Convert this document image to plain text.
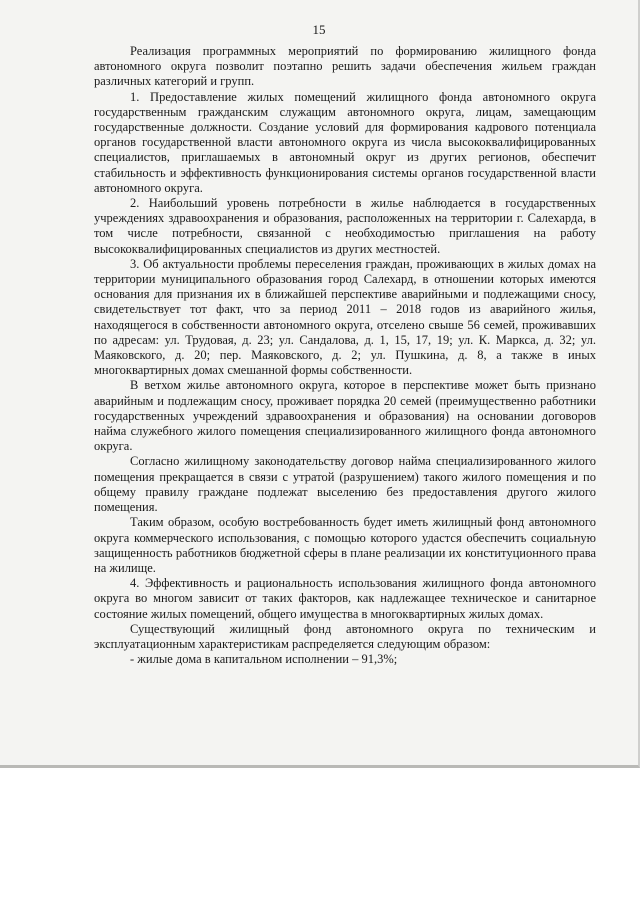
15

Реализация программных мероприятий по формированию жилищного фонда автономного округа позволит поэтапно решить задачи обеспечения жильем граждан различных категорий и групп.

1. Предоставление жилых помещений жилищного фонда автономного округа государственным гражданским служащим автономного округа, лицам, замещающим государственные должности. Создание условий для формирования кадрового потенциала органов государственной власти автономного округа из числа высококвалифицированных специалистов, приглашаемых в автономный округ из других регионов, обеспечит стабильность и эффективность функционирования системы органов государственной власти автономного округа.

2. Наибольший уровень потребности в жилье наблюдается в государственных учреждениях здравоохранения и образования, расположенных на территории г. Салехарда, в том числе потребности, связанной с необходимостью приглашения на работу высококвалифицированных специалистов из других местностей.

3. Об актуальности проблемы переселения граждан, проживающих в жилых домах на территории муниципального образования город Салехард, в отношении которых имеются основания для признания их в ближайшей перспективе аварийными и подлежащими сносу, свидетельствует тот факт, что за период 2011 – 2018 годов из аварийного жилья, находящегося в собственности автономного округа, отселено свыше 56 семей, проживавших по адресам: ул. Трудовая, д. 23; ул. Сандалова, д. 1, 15, 17, 19; ул. К. Маркса, д. 32; ул. Маяковского, д. 20; пер. Маяковского, д. 2; ул. Пушкина, д. 8, а также в иных многоквартирных домах смешанной формы собственности.

В ветхом жилье автономного округа, которое в перспективе может быть признано аварийным и подлежащим сносу, проживает порядка 20 семей (преимущественно работники государственных учреждений здравоохранения и образования) на основании договоров найма служебного жилого помещения специализированного жилищного фонда автономного округа.

Согласно жилищному законодательству договор найма специализированного жилого помещения прекращается в связи с утратой (разрушением) такого жилого помещения и по общему правилу граждане подлежат выселению без предоставления другого жилого помещения.

Таким образом, особую востребованность будет иметь жилищный фонд автономного округа коммерческого использования, с помощью которого удастся обеспечить социальную защищенность работников бюджетной сферы в плане реализации их конституционного права на жилище.

4. Эффективность и рациональность использования жилищного фонда автономного округа во многом зависит от таких факторов, как надлежащее техническое и санитарное состояние жилых помещений, общего имущества в многоквартирных жилых домах.

Существующий жилищный фонд автономного округа по техническим и эксплуатационным характеристикам распределяется следующим образом:

- жилые дома в капитальном исполнении – 91,3%;
